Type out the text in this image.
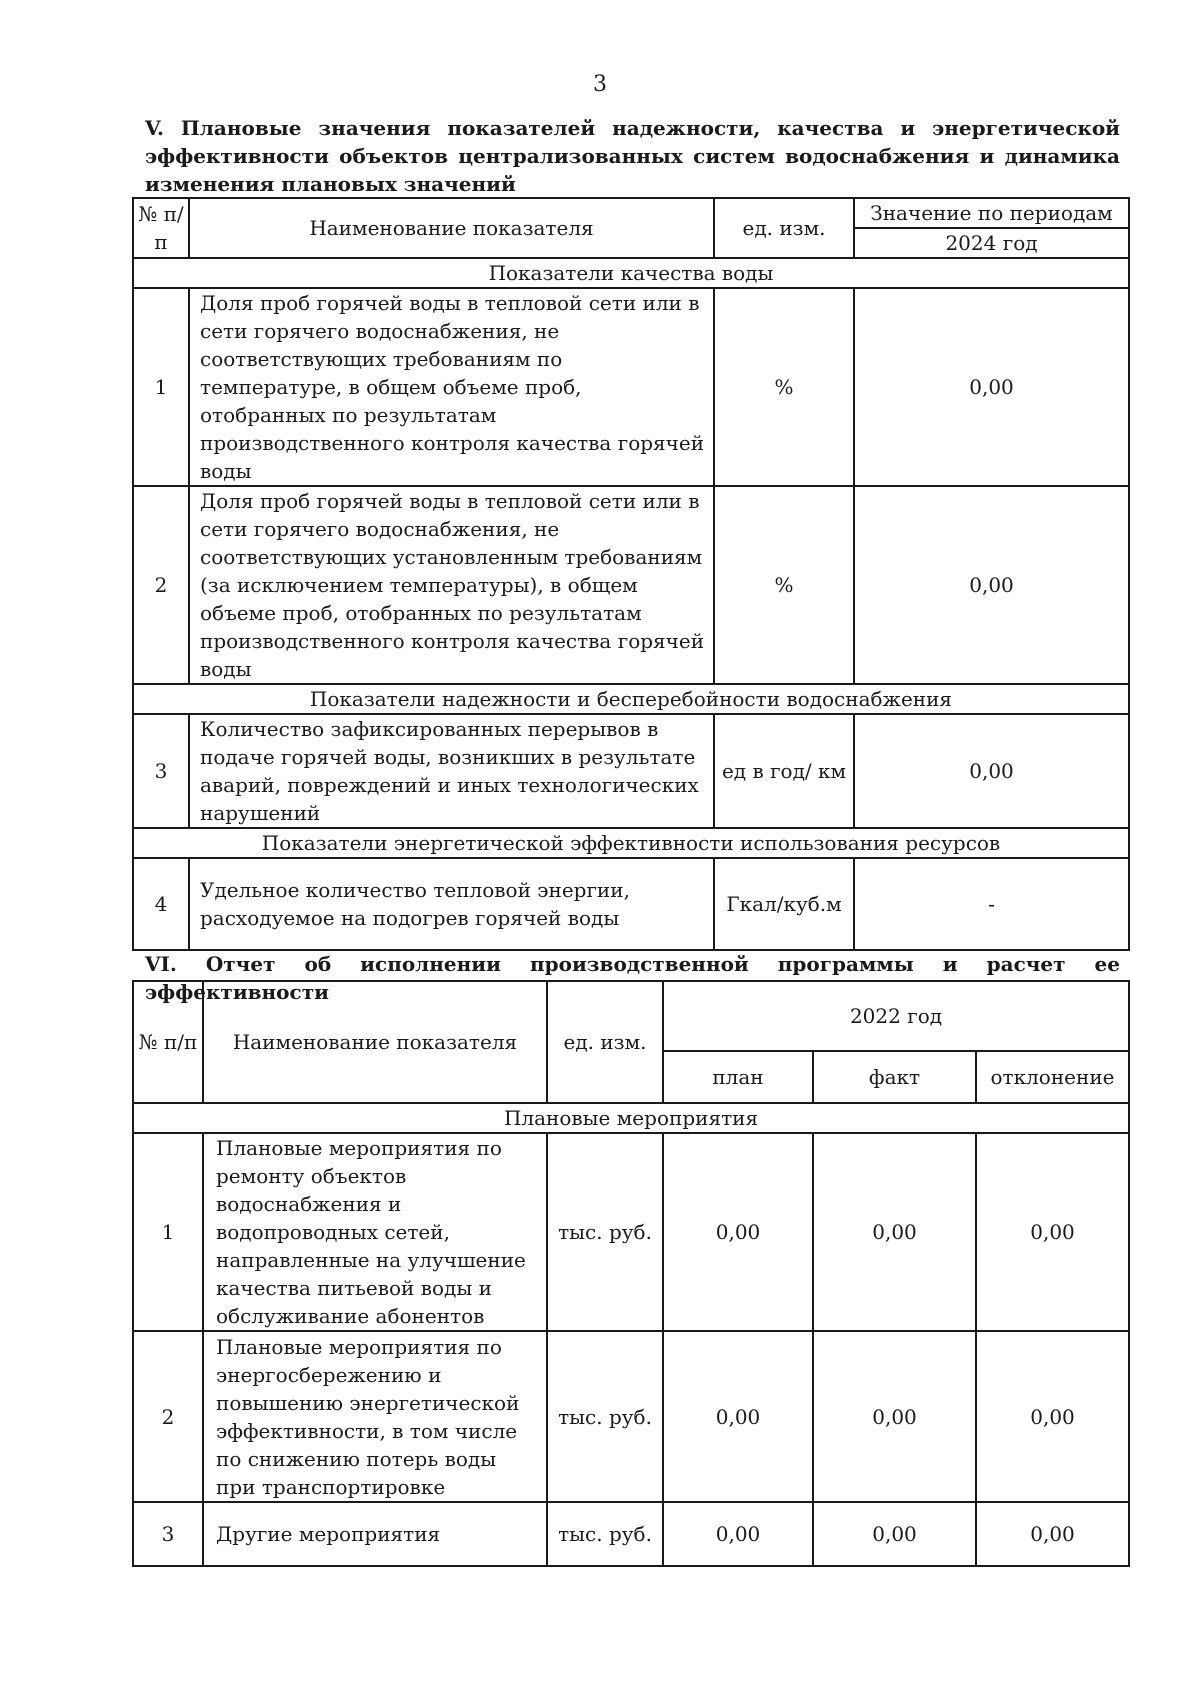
3
V. Плановые значения показателей надежности, качества и энергетической эффективности объектов централизованных систем водоснабжения и динамика изменения плановых значений
№ п/п	Наименование показателя	ед. изм.	Значение по периодам
			2024 год
Показатели качества воды			
1	Доля проб горячей воды в тепловой сети или в сети горячего водоснабжения, не соответствующих требованиям по температуре, в общем объеме проб, отобранных по результатам производственного контроля качества горячей воды	%	0,00
2	Доля проб горячей воды в тепловой сети или в сети горячего водоснабжения, не соответствующих установленным требованиям (за исключением температуры), в общем объеме проб, отобранных по результатам производственного контроля качества горячей воды	%	0,00
Показатели надежности и бесперебойности водоснабжения			
3	Количество зафиксированных перерывов в подаче горячей воды, возникших в результате аварий, повреждений и иных технологических нарушений	ед в год/ км	0,00
Показатели энергетической эффективности использования ресурсов			
4	Удельное количество тепловой энергии, расходуемое на подогрев горячей воды	Гкал/куб.м	-
VI. Отчет об исполнении производственной программы и расчет ее эффективности
№ п/п	Наименование показателя	ед. изм.	2022 год		
			план	факт	отклонение
Плановые мероприятия					
1	Плановые мероприятия по ремонту объектов водоснабжения и водопроводных сетей, направленные на улучшение качества питьевой воды и обслуживание абонентов	тыс. руб.	0,00	0,00	0,00
2	Плановые мероприятия по энергосбережению и повышению энергетической эффективности, в том числе по снижению потерь воды при транспортировке	тыс. руб.	0,00	0,00	0,00
3	Другие мероприятия	тыс. руб.	0,00	0,00	0,00
